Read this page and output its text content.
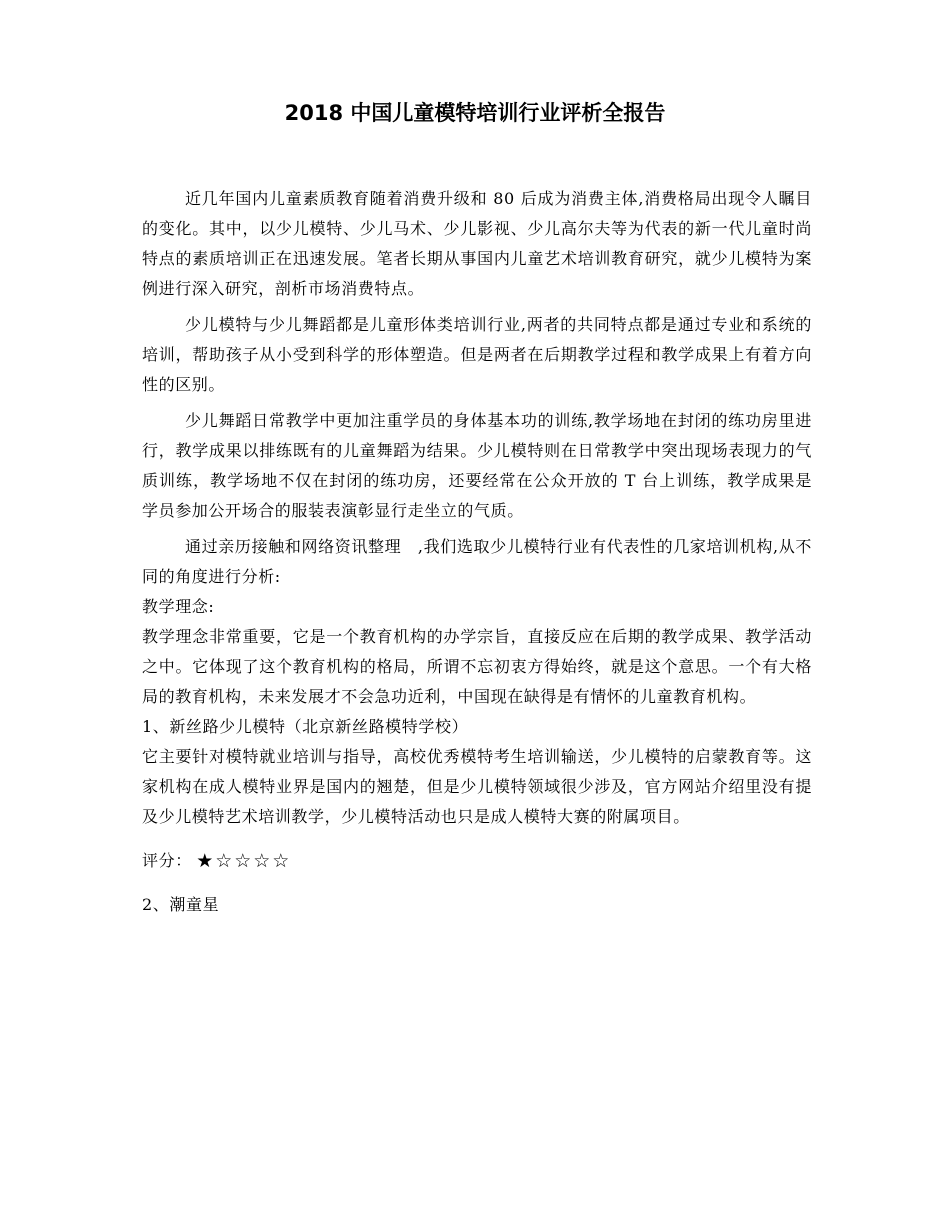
2018 中国儿童模特培训行业评析全报告

近几年国内儿童素质教育随着消费升级和 80 后成为消费主体,消费格局出现令人瞩目的变化。其中，以少儿模特、少儿马术、少儿影视、少儿高尔夫等为代表的新一代儿童时尚特点的素质培训正在迅速发展。笔者长期从事国内儿童艺术培训教育研究，就少儿模特为案例进行深入研究，剖析市场消费特点。

少儿模特与少儿舞蹈都是儿童形体类培训行业,两者的共同特点都是通过专业和系统的培训，帮助孩子从小受到科学的形体塑造。但是两者在后期教学过程和教学成果上有着方向性的区别。

少儿舞蹈日常教学中更加注重学员的身体基本功的训练,教学场地在封闭的练功房里进行，教学成果以排练既有的儿童舞蹈为结果。少儿模特则在日常教学中突出现场表现力的气质训练，教学场地不仅在封闭的练功房，还要经常在公众开放的 T 台上训练，教学成果是学员参加公开场合的服装表演彰显行走坐立的气质。

通过亲历接触和网络资讯整理　,我们选取少儿模特行业有代表性的几家培训机构,从不同的角度进行分析:

教学理念:

教学理念非常重要，它是一个教育机构的办学宗旨，直接反应在后期的教学成果、教学活动之中。它体现了这个教育机构的格局，所谓不忘初衷方得始终，就是这个意思。一个有大格局的教育机构，未来发展才不会急功近利，中国现在缺得是有情怀的儿童教育机构。

1、新丝路少儿模特（北京新丝路模特学校）

它主要针对模特就业培训与指导，高校优秀模特考生培训输送，少儿模特的启蒙教育等。这家机构在成人模特业界是国内的翘楚，但是少儿模特领域很少涉及，官方网站介绍里没有提及少儿模特艺术培训教学，少儿模特活动也只是成人模特大赛的附属项目。

评分： ★ ☆ ☆ ☆ ☆

2、潮童星
